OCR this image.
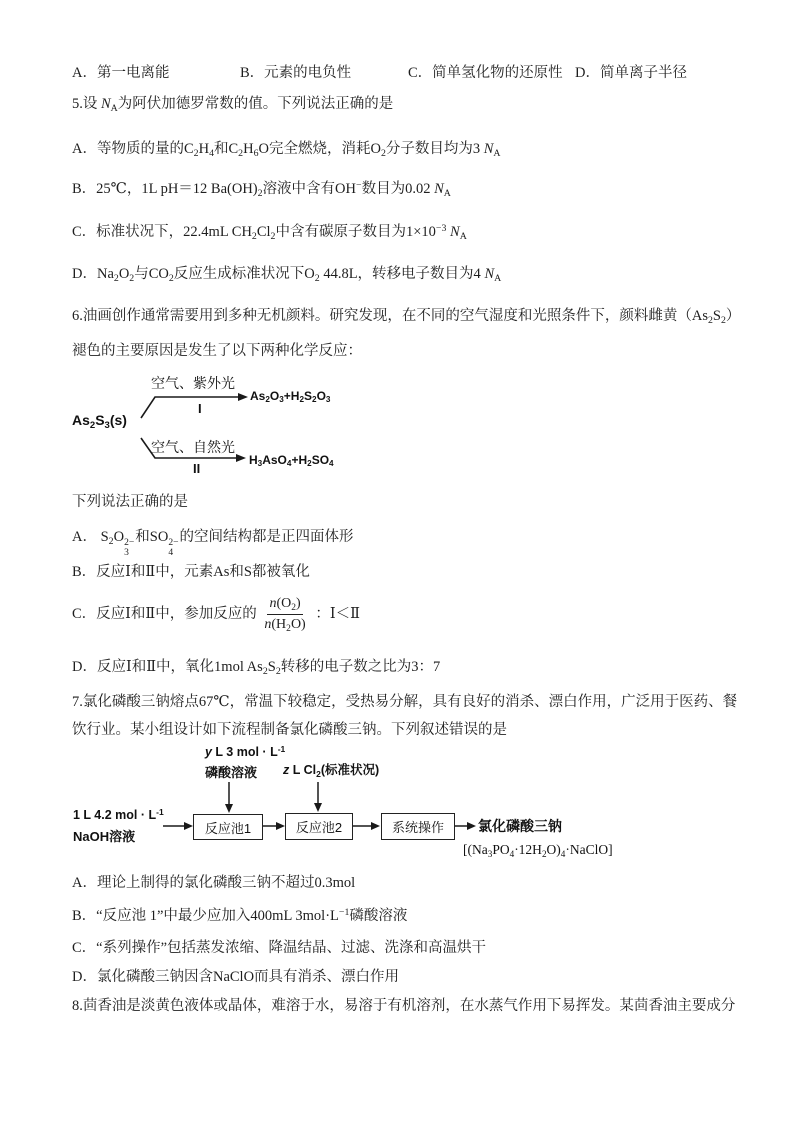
A．第一电离能	B．元素的电负性	C．简单氢化物的还原性 D．简单离子半径
5.设 $N_A$为阿伏加德罗常数的值。下列说法正确的是
A．等物质的量的$C_2H_4$和$C_2H_6O$完全燃烧，消耗$O_2$分子数目均为3 $N_A$
B．25℃，1L pH＝12 $Ba(OH)_2$溶液中含有OH−数目为0.02 $N_A$
C．标准状况下，22.4mL $CH_2Cl_2$中含有碳原子数目为$1\times 10^{-3}$ $N_A$
D．$Na_2O_2$与$CO_2$反应生成标准状况下$O_2$ 44.8L，转移电子数目为4 $N_A$
6.油画创作通常需要用到多种无机颜料。研究发现，在不同的空气湿度和光照条件下，颜料雌黄$(As_2S_2)$
褪色的主要原因是发生了以下两种化学反应：
$As_2S_3(s)$
空气、紫外光
I
$As_2O_3+H_2S_2O_3$
空气、自然光
II
$H_3AsO_4+H_2SO_4$
下列说法正确的是
A． $S_2O$ 2−
3
和SO 2−
4
的空间结构都是正四面体形
B．反应Ⅰ和Ⅱ中，元素As和S都被氧化
C．反应Ⅰ和Ⅱ中，参加反应的 $\frac{n(O_2)}{n(H_2O)}$ ：Ⅰ＜Ⅱ
D．反应Ⅰ和Ⅱ中，氧化1mol $As_2S_2$转移的电子数之比为3：7
7.氯化磷酸三钠熔点67℃，常温下较稳定，受热易分解，具有良好的消杀、漂白作用，广泛用于医药、餐
饮行业。某小组设计如下流程制备氯化磷酸三钠。下列叙述错误的是
y L 3 mol · $L^{-1}$
磷酸溶液 z L $Cl_2$(标准状况)
1 L 4.2 mol · $L^{-1}$
NaOH溶液
反应池1	反应池2	系统操作	氯化磷酸三钠
$[(Na_3PO_4\cdot 12H_2O)_4\cdot NaClO]$
A．理论上制得的氯化磷酸三钠不超过0.3mol
B．“反应池 1”中最少应加入400mL $3mol\cdot L^{-1}$磷酸溶液
C．“系列操作”包括蒸发浓缩、降温结晶、过滤、洗涤和高温烘干
D．氯化磷酸三钠因含NaClO而具有消杀、漂白作用
8.茴香油是淡黄色液体或晶体，难溶于水，易溶于有机溶剂，在水蒸气作用下易挥发。某茴香油主要成分
